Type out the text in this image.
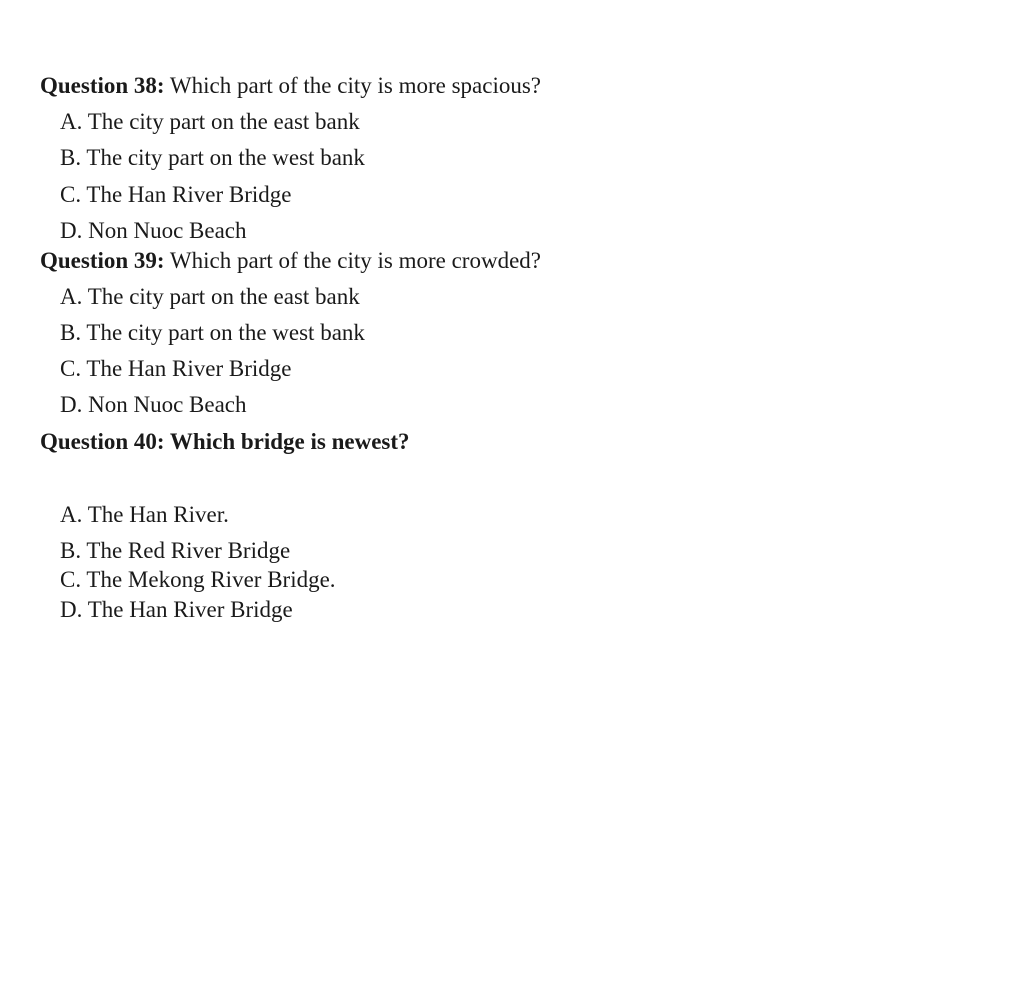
Question 38: Which part of the city is more spacious?
A. The city part on the east bank
B. The city part on the west bank
C. The Han River Bridge
D. Non Nuoc Beach
Question 39: Which part of the city is more crowded?
A. The city part on the east bank
B. The city part on the west bank
C. The Han River Bridge
D. Non Nuoc Beach
Question 40: Which bridge is newest?
A. The Han River.
B. The Red River Bridge
C. The Mekong River Bridge.
D. The Han River Bridge
